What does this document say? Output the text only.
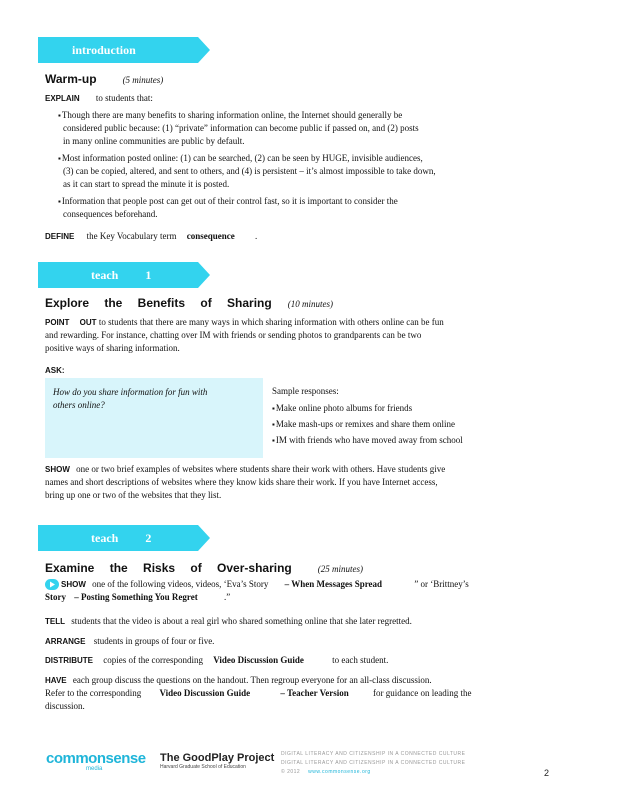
introduction
Warm-up	(5 minutes)
EXPLAIN to students that:
▪Though there are many benefits to sharing information online, the Internet should generally be
considered public because: (1) “private” information can become public if passed on, and (2) posts
in many online communities are public by default.
▪Most information posted online: (1) can be searched, (2) can be seen by HUGE, invisible audiences,
(3) can be copied, altered, and sent to others, and (4) is persistent – it’s almost impossible to take down,
as it can start to spread the minute it is posted.
▪Information that people post can get out of their control fast, so it is important to consider the
consequences beforehand.
DEFINE the Key Vocabulary term consequence .
teach 1
Explore the Benefits of Sharing (10 minutes)
POINT OUT to students that there are many ways in which sharing information with others online can be fun
and rewarding. For instance, chatting over IM with friends or sending photos to grandparents can be two
positive ways of sharing information.
ASK:
How do you share information for fun with
others online?
Sample responses:
▪Make online photo albums for friends
▪Make mash-ups or remixes and share them online
▪IM with friends who have moved away from school
SHOW one or two brief examples of websites where students share their work with others. Have students give
names and short descriptions of websites where they know kids share their work. If you have Internet access,
bring up one or two of the websites that they list.
teach 2
Examine the Risks of Over-sharing	(25 minutes)
SHOW one of the following videos, videos, ‘Eva’s Story – When Messages Spread	” or ‘Brittney’s
Story – Posting Something You Regret	.”
TELL students that the video is about a real girl who shared something online that she later regretted.
ARRANGE students in groups of four or five.
DISTRIBUTE copies of the corresponding Video Discussion Guide	to each student.
HAVE each group discuss the questions on the handout. Then regroup everyone for an all-class discussion.
Refer to the corresponding Video Discussion Guide	– Teacher Version	for guidance on leading the
discussion.
commonsense
media
The GoodPlay Project
Harvard Graduate School of Education
DIGITAL LITERACY AND CITIZENSHIP IN A CONNECTED CULTURE
DIGITAL LITERACY AND CITIZENSHIP IN A CONNECTED CULTURE
© 2012 www.commonsense.org	2
